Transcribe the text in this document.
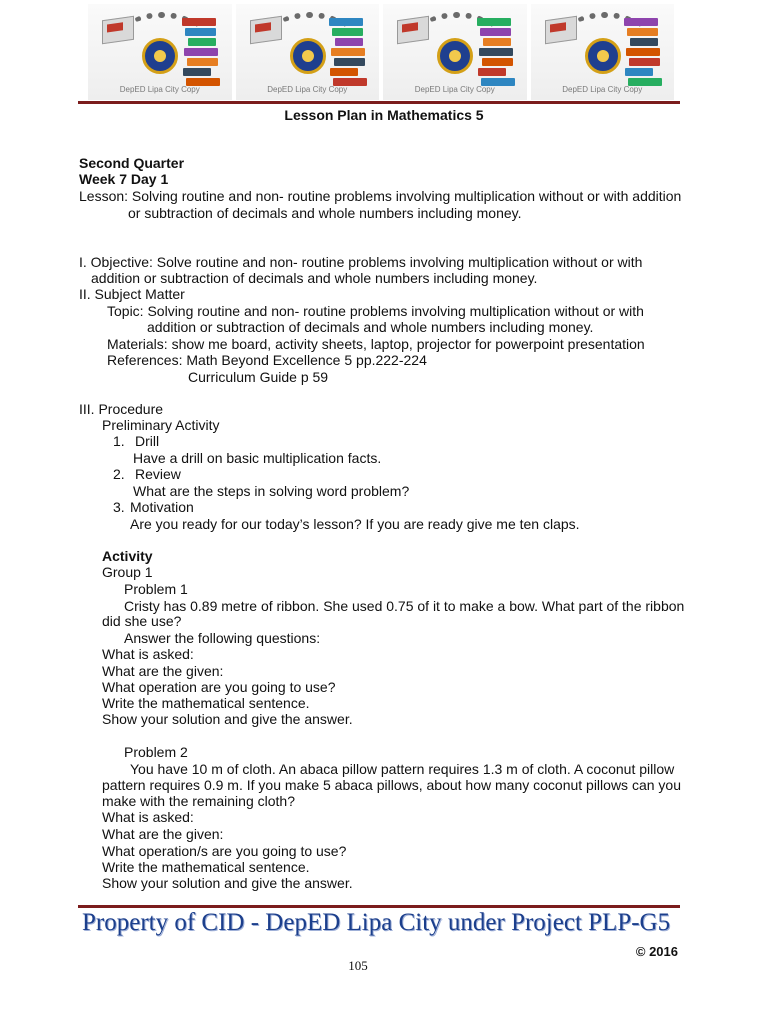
DepED Lipa City Copy	DepED Lipa City Copy	DepED Lipa City Copy	DepED Lipa City Copy
Lesson Plan in Mathematics 5
Second Quarter
Week 7 Day 1
Lesson: Solving routine and non- routine problems involving multiplication without or with addition
or subtraction of decimals and whole numbers including money.
I. Objective: Solve routine and non- routine problems involving multiplication without or with
addition or subtraction of decimals and whole numbers including money.
II. Subject Matter
Topic: Solving routine and non- routine problems involving multiplication without or with
addition or subtraction of decimals and whole numbers including money.
Materials: show me board, activity sheets, laptop, projector for powerpoint presentation
References: Math Beyond Excellence 5 pp.222-224
Curriculum Guide p 59
III. Procedure
Preliminary Activity
1. Drill
Have a drill on basic multiplication facts.
2. Review
What are the steps in solving word problem?
3. Motivation
Are you ready for our today’s lesson? If you are ready give me ten claps.
Activity
Group 1
Problem 1
Cristy has 0.89 metre of ribbon. She used 0.75 of it to make a bow. What part of the ribbon
did she use?
Answer the following questions:
What is asked:
What are the given:
What operation are you going to use?
Write the mathematical sentence.
Show your solution and give the answer.
Problem 2
You have 10 m of cloth. An abaca pillow pattern requires 1.3 m of cloth. A coconut pillow
pattern requires 0.9 m. If you make 5 abaca pillows, about how many coconut pillows can you
make with the remaining cloth?
What is asked:
What are the given:
What operation/s are you going to use?
Write the mathematical sentence.
Show your solution and give the answer.
Property of CID - DepED Lipa City under Project PLP-G5
© 2016
105
